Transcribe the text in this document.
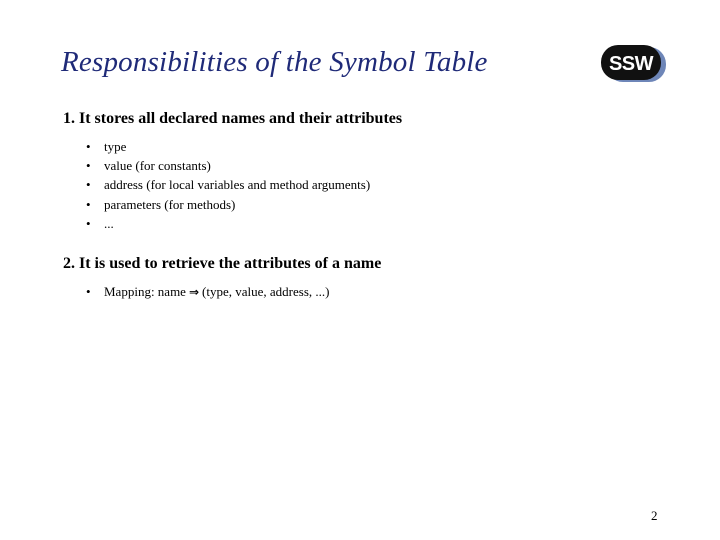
Responsibilities of the Symbol Table	SSW
1. It stores all declared names and their attributes
• type
• value (for constants)
• address (for local variables and method arguments)
• parameters (for methods)
• ...
2. It is used to retrieve the attributes of a name
• Mapping: name ⇒ (type, value, address, ...)
2
